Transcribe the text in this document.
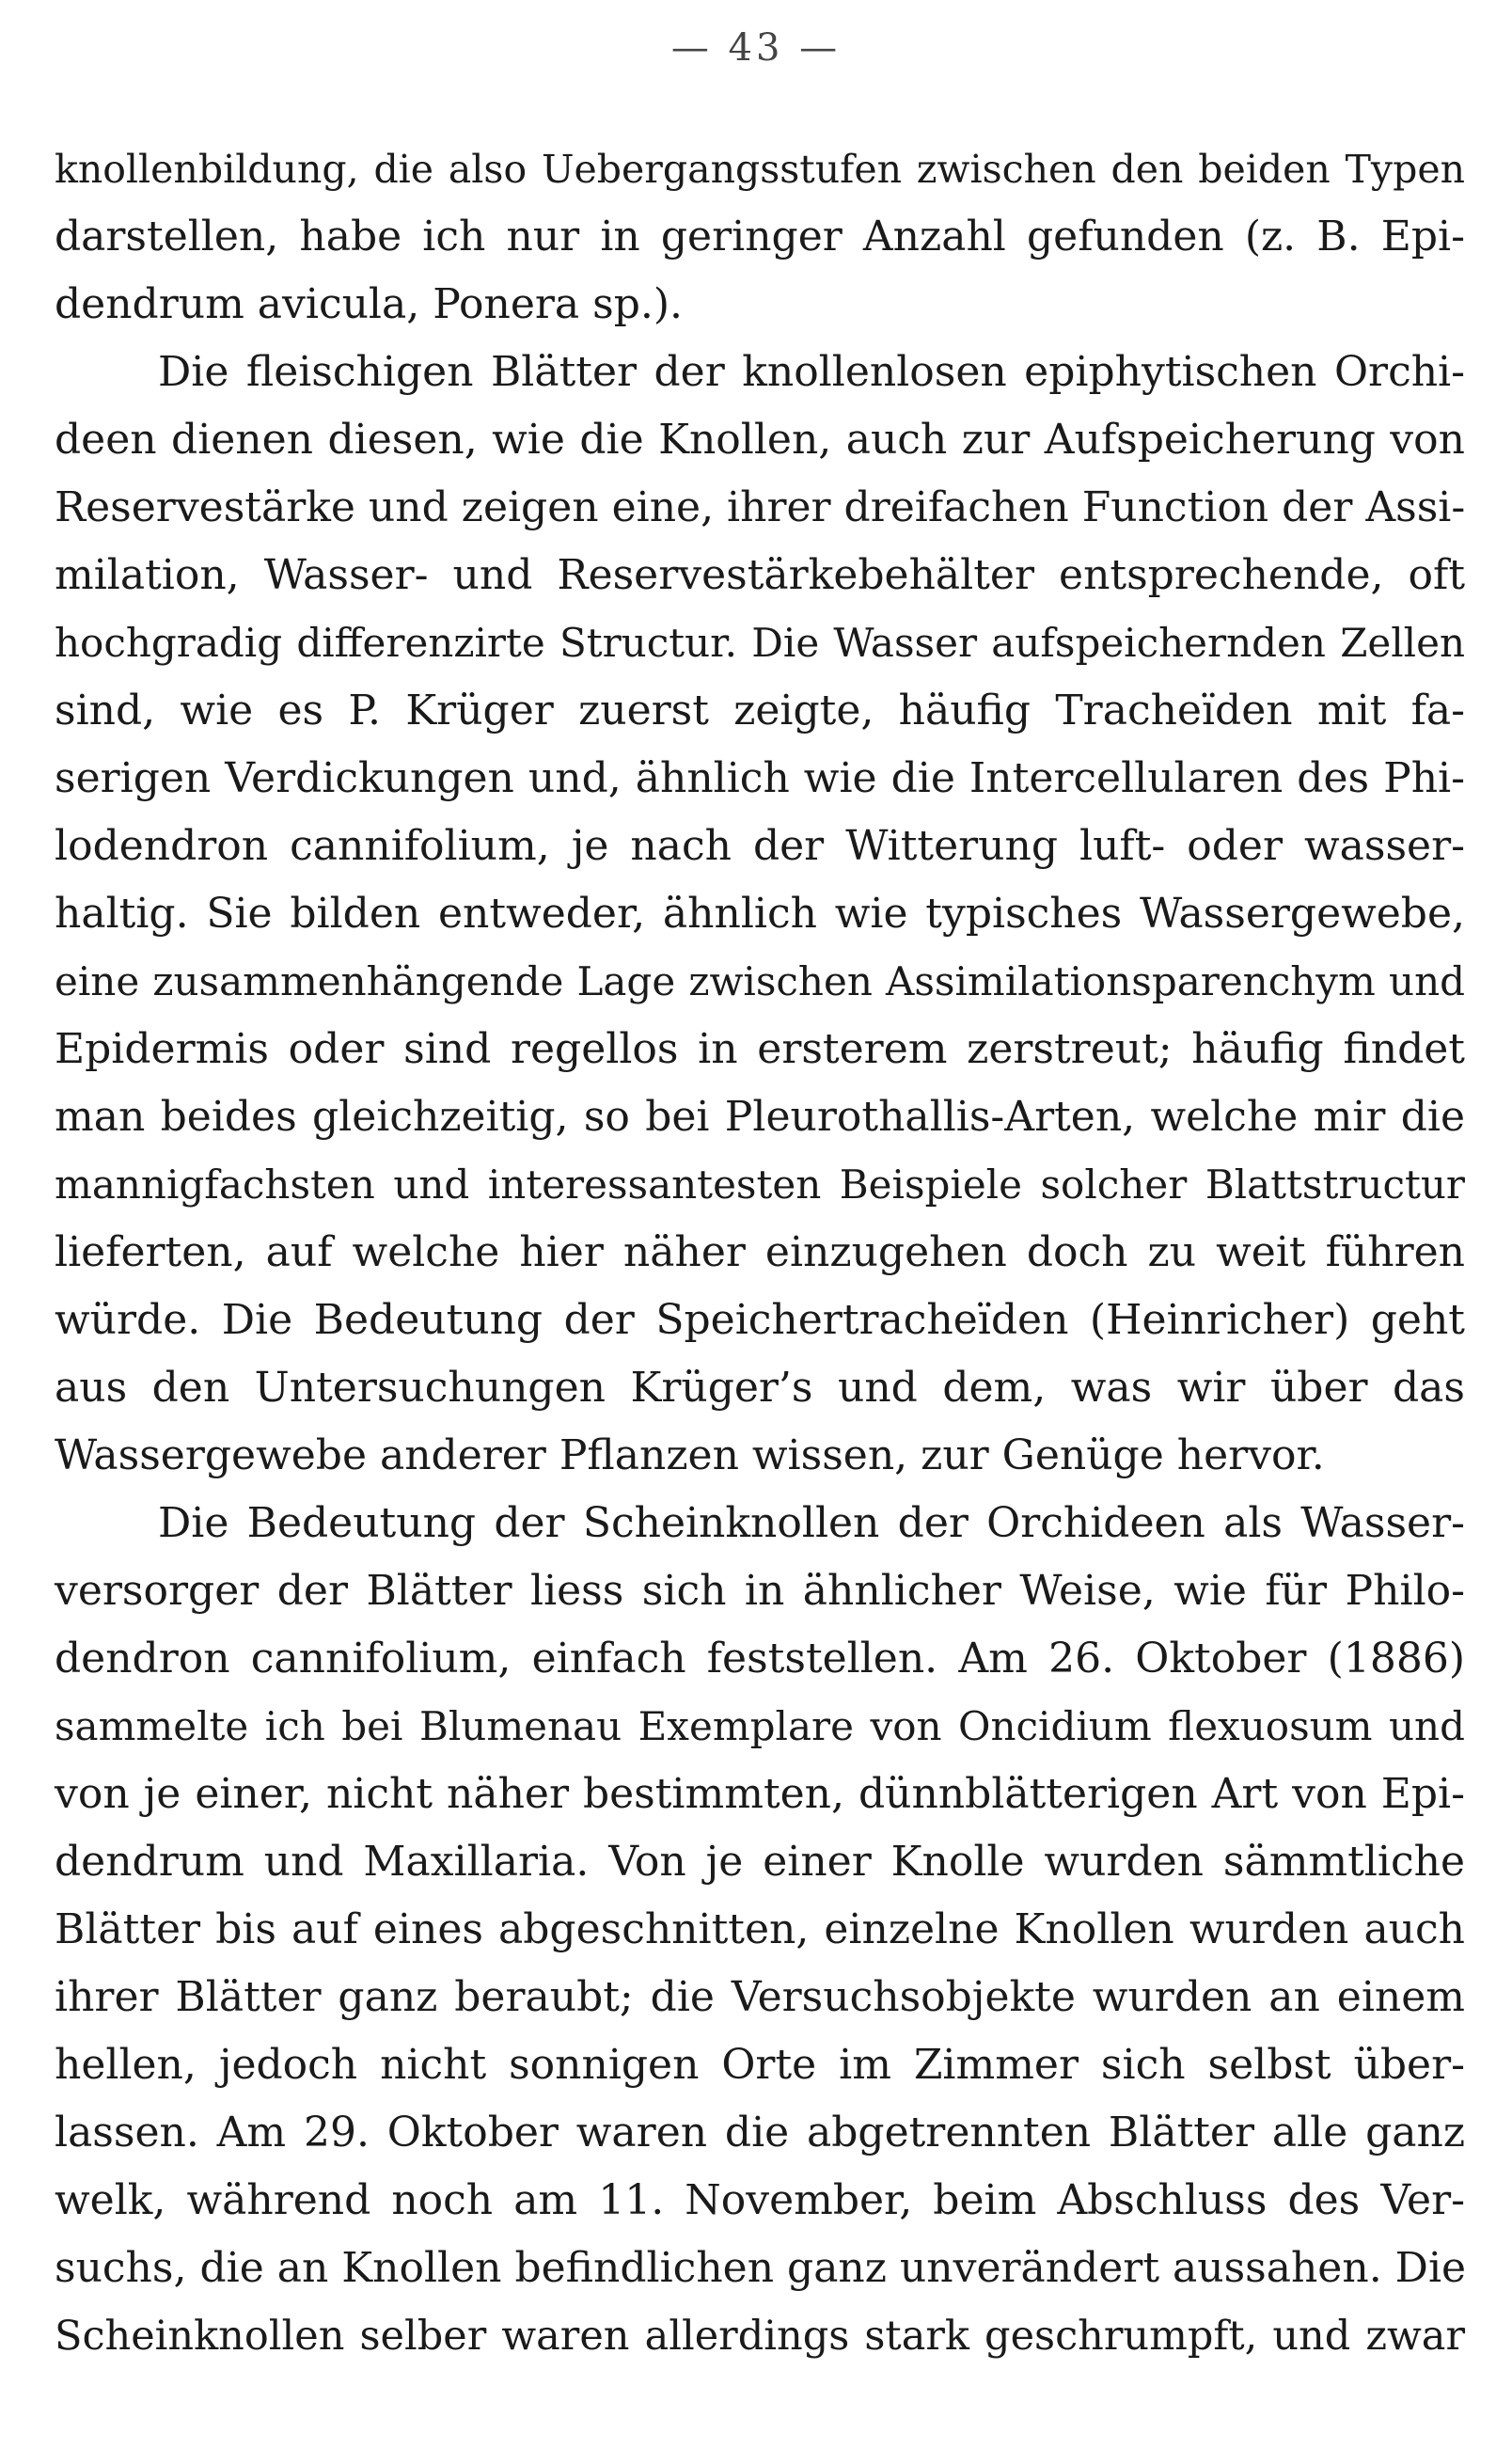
— 43 —
knollenbildung, die also Uebergangsstufen zwischen den beiden Typen
darstellen, habe ich nur in geringer Anzahl gefunden (z. B. Epi-
dendrum avicula, Ponera sp.).
Die fleischigen Blätter der knollenlosen epiphytischen Orchi-
deen dienen diesen, wie die Knollen, auch zur Aufspeicherung von
Reservestärke und zeigen eine, ihrer dreifachen Function der Assi-
milation, Wasser- und Reservestärkebehälter entsprechende, oft
hochgradig differenzirte Structur. Die Wasser aufspeichernden Zellen
sind, wie es P. Krüger zuerst zeigte, häufig Tracheïden mit fa-
serigen Verdickungen und, ähnlich wie die Intercellularen des Phi-
lodendron cannifolium, je nach der Witterung luft- oder wasser-
haltig. Sie bilden entweder, ähnlich wie typisches Wassergewebe,
eine zusammenhängende Lage zwischen Assimilationsparenchym und
Epidermis oder sind regellos in ersterem zerstreut; häufig findet
man beides gleichzeitig, so bei Pleurothallis-Arten, welche mir die
mannigfachsten und interessantesten Beispiele solcher Blattstructur
lieferten, auf welche hier näher einzugehen doch zu weit führen
würde. Die Bedeutung der Speichertracheïden (Heinricher) geht
aus den Untersuchungen Krüger’s und dem, was wir über das
Wassergewebe anderer Pflanzen wissen, zur Genüge hervor.
Die Bedeutung der Scheinknollen der Orchideen als Wasser-
versorger der Blätter liess sich in ähnlicher Weise, wie für Philo-
dendron cannifolium, einfach feststellen. Am 26. Oktober (1886)
sammelte ich bei Blumenau Exemplare von Oncidium flexuosum und
von je einer, nicht näher bestimmten, dünnblätterigen Art von Epi-
dendrum und Maxillaria. Von je einer Knolle wurden sämmtliche
Blätter bis auf eines abgeschnitten, einzelne Knollen wurden auch
ihrer Blätter ganz beraubt; die Versuchsobjekte wurden an einem
hellen, jedoch nicht sonnigen Orte im Zimmer sich selbst über-
lassen. Am 29. Oktober waren die abgetrennten Blätter alle ganz
welk, während noch am 11. November, beim Abschluss des Ver-
suchs, die an Knollen befindlichen ganz unverändert aussahen. Die
Scheinknollen selber waren allerdings stark geschrumpft, und zwar
